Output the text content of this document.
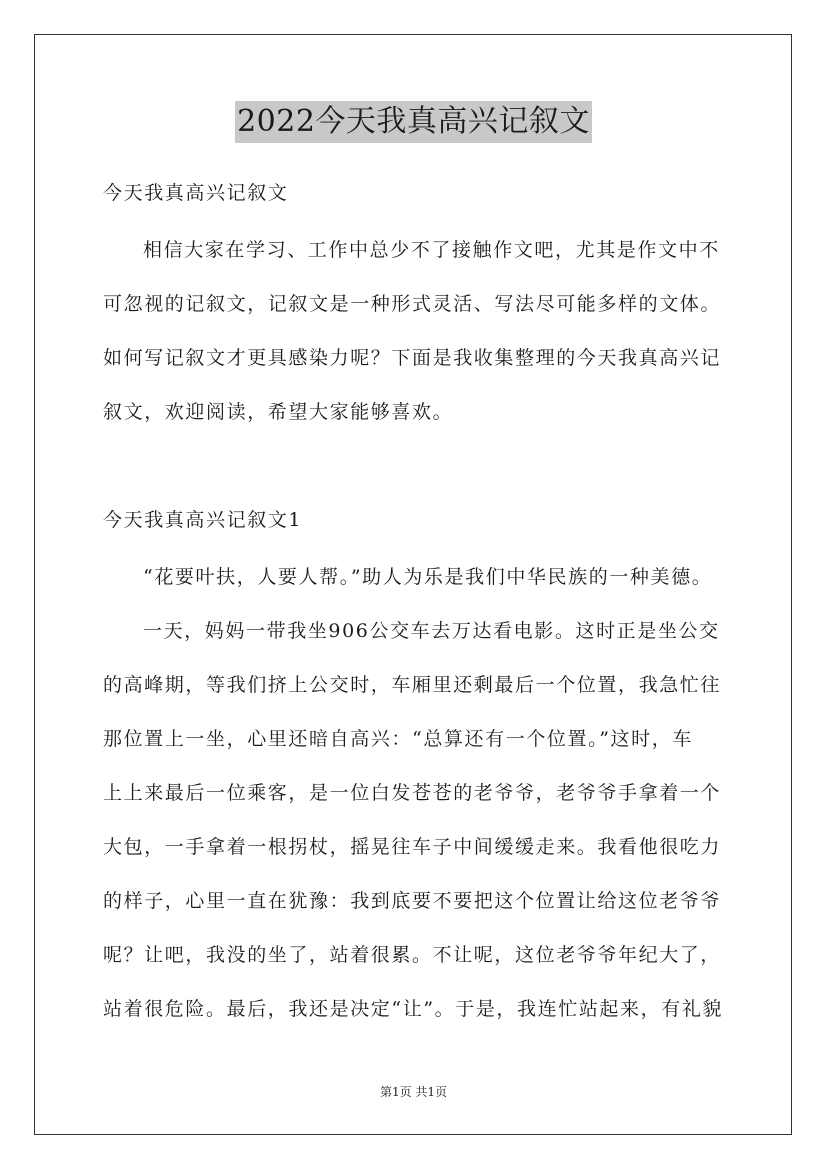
2022今天我真高兴记叙文
今天我真高兴记叙文
相信大家在学习、工作中总少不了接触作文吧，尤其是作文中不
可忽视的记叙文，记叙文是一种形式灵活、写法尽可能多样的文体。
如何写记叙文才更具感染力呢？下面是我收集整理的今天我真高兴记
叙文，欢迎阅读，希望大家能够喜欢。
今天我真高兴记叙文1
“花要叶扶，人要人帮。”助人为乐是我们中华民族的一种美德。
一天，妈妈一带我坐906公交车去万达看电影。这时正是坐公交
的高峰期，等我们挤上公交时，车厢里还剩最后一个位置，我急忙往
那位置上一坐，心里还暗自高兴：“总算还有一个位置。”这时，车
上上来最后一位乘客，是一位白发苍苍的老爷爷，老爷爷手拿着一个
大包，一手拿着一根拐杖，摇晃往车子中间缓缓走来。我看他很吃力
的样子，心里一直在犹豫：我到底要不要把这个位置让给这位老爷爷
呢？让吧，我没的坐了，站着很累。不让呢，这位老爷爷年纪大了，
站着很危险。最后，我还是决定“让”。于是，我连忙站起来，有礼貌
第1页 共1页
